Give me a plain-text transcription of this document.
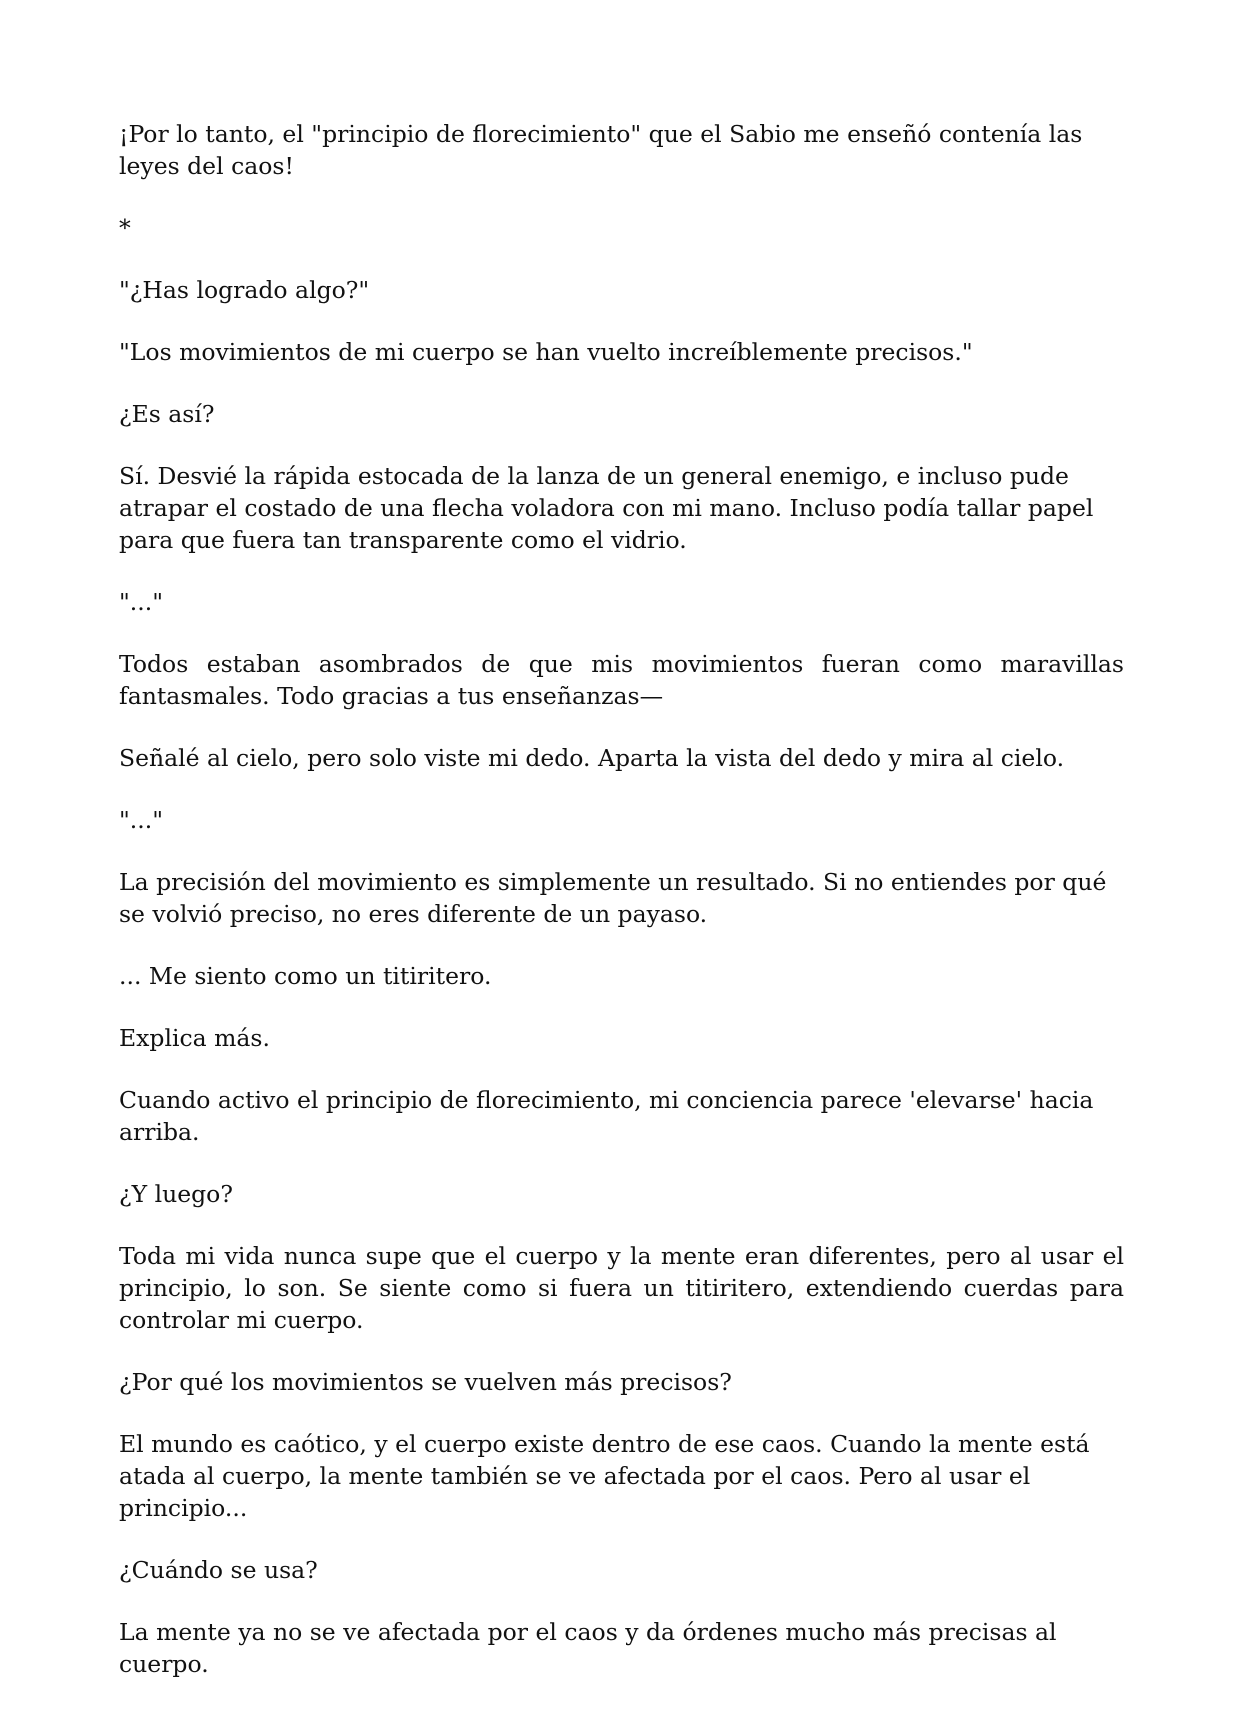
¡Por lo tanto, el "principio de florecimiento" que el Sabio me enseñó contenía las leyes del caos!

*

"¿Has logrado algo?"

"Los movimientos de mi cuerpo se han vuelto increíblemente precisos."

¿Es así?

Sí. Desvié la rápida estocada de la lanza de un general enemigo, e incluso pude atrapar el costado de una flecha voladora con mi mano. Incluso podía tallar papel para que fuera tan transparente como el vidrio.

"..."

Todos estaban asombrados de que mis movimientos fueran como maravillas fantasmales. Todo gracias a tus enseñanzas—

Señalé al cielo, pero solo viste mi dedo. Aparta la vista del dedo y mira al cielo.

"..."

La precisión del movimiento es simplemente un resultado. Si no entiendes por qué se volvió preciso, no eres diferente de un payaso.

... Me siento como un titiritero.

Explica más.

Cuando activo el principio de florecimiento, mi conciencia parece 'elevarse' hacia arriba.

¿Y luego?

Toda mi vida nunca supe que el cuerpo y la mente eran diferentes, pero al usar el principio, lo son. Se siente como si fuera un titiritero, extendiendo cuerdas para controlar mi cuerpo.

¿Por qué los movimientos se vuelven más precisos?

El mundo es caótico, y el cuerpo existe dentro de ese caos. Cuando la mente está atada al cuerpo, la mente también se ve afectada por el caos. Pero al usar el principio...

¿Cuándo se usa?

La mente ya no se ve afectada por el caos y da órdenes mucho más precisas al cuerpo.
